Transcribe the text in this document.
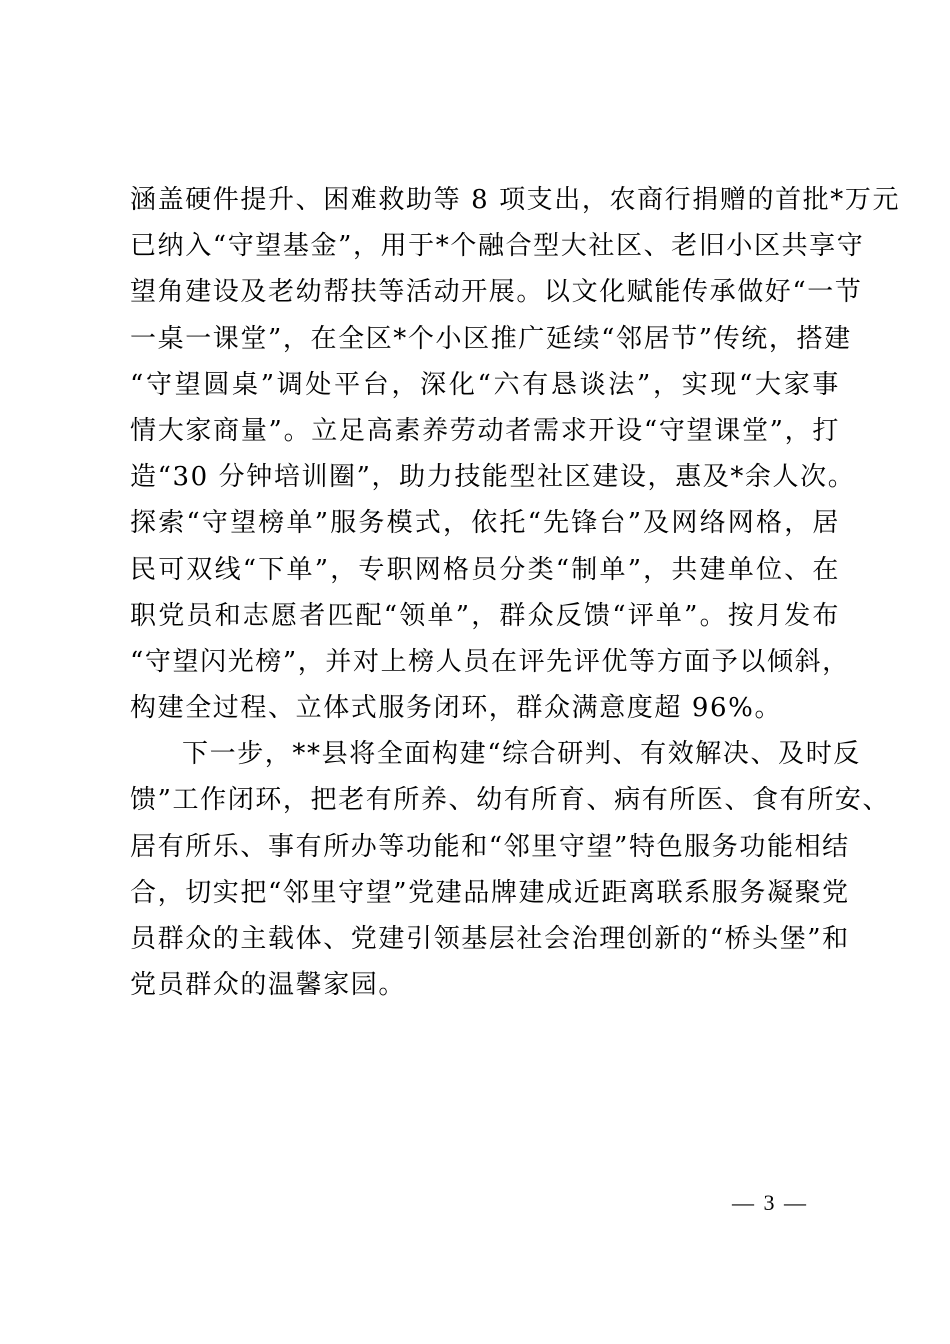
涵盖硬件提升、困难救助等 8 项支出，农商行捐赠的首批*万元
已纳入“守望基金”，用于*个融合型大社区、老旧小区共享守
望角建设及老幼帮扶等活动开展。以文化赋能传承做好“一节
一桌一课堂”，在全区*个小区推广延续“邻居节”传统，搭建
“守望圆桌”调处平台，深化“六有恳谈法”，实现“大家事
情大家商量”。立足高素养劳动者需求开设“守望课堂”，打
造“30 分钟培训圈”，助力技能型社区建设，惠及*余人次。
探索“守望榜单”服务模式，依托“先锋台”及网络网格，居
民可双线“下单”，专职网格员分类“制单”，共建单位、在
职党员和志愿者匹配“领单”，群众反馈“评单”。按月发布
“守望闪光榜”，并对上榜人员在评先评优等方面予以倾斜，
构建全过程、立体式服务闭环，群众满意度超 96%。
下一步，**县将全面构建“综合研判、有效解决、及时反
馈”工作闭环，把老有所养、幼有所育、病有所医、食有所安、
居有所乐、事有所办等功能和“邻里守望”特色服务功能相结
合，切实把“邻里守望”党建品牌建成近距离联系服务凝聚党
员群众的主载体、党建引领基层社会治理创新的“桥头堡”和
党员群众的温馨家园。
— 3 —
